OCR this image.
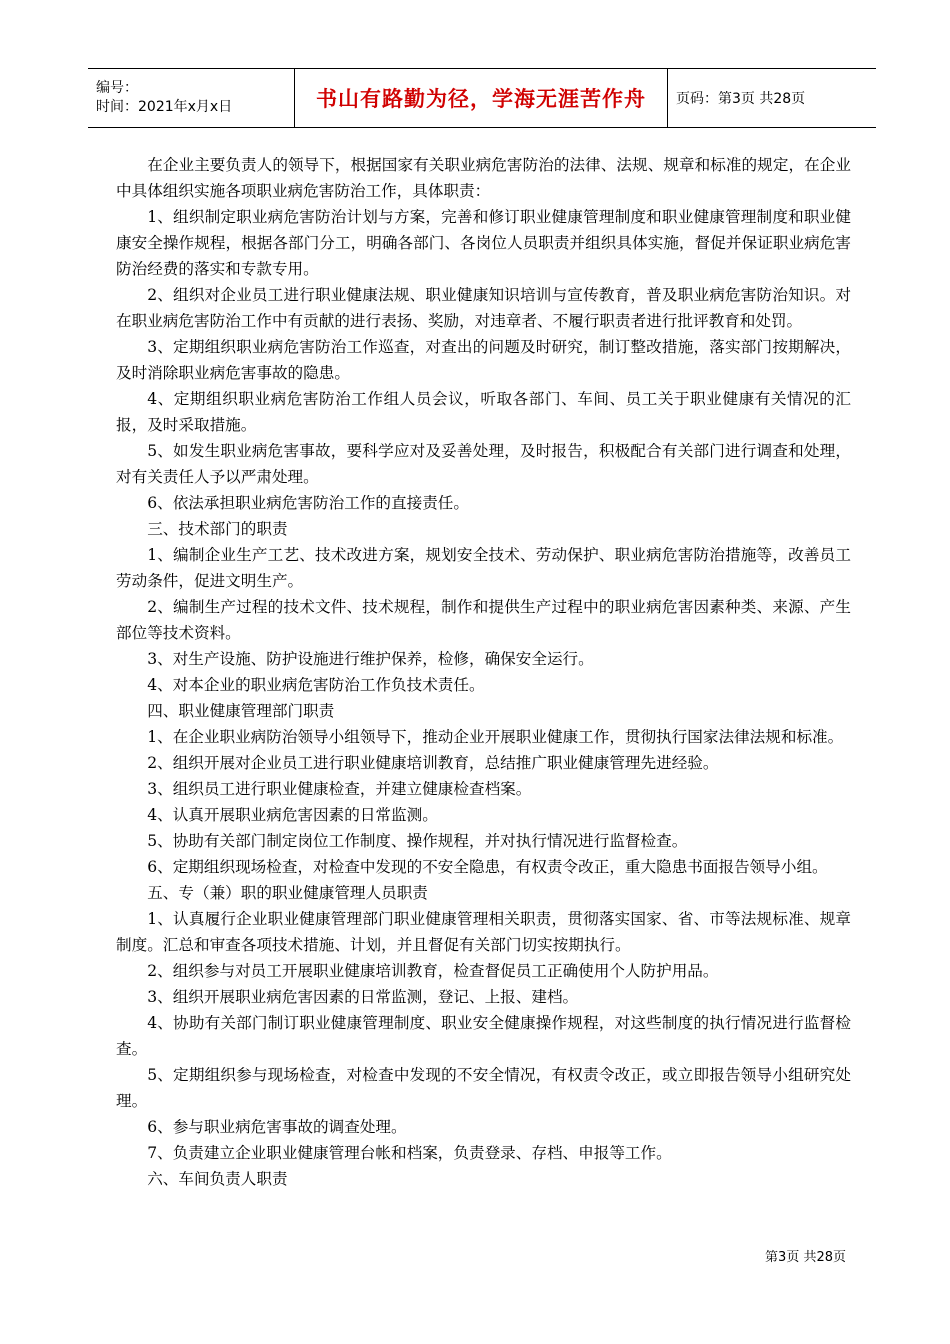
编号：
时间：2021年x月x日	书山有路勤为径，学海无涯苦作舟	页码：第3页 共28页

在企业主要负责人的领导下，根据国家有关职业病危害防治的法律、法规、规章和标准的规定，在企业中具体组织实施各项职业病危害防治工作，具体职责：

1、组织制定职业病危害防治计划与方案，完善和修订职业健康管理制度和职业健康管理制度和职业健康安全操作规程，根据各部门分工，明确各部门、各岗位人员职责并组织具体实施，督促并保证职业病危害防治经费的落实和专款专用。

2、组织对企业员工进行职业健康法规、职业健康知识培训与宣传教育，普及职业病危害防治知识。对在职业病危害防治工作中有贡献的进行表扬、奖励，对违章者、不履行职责者进行批评教育和处罚。

3、定期组织职业病危害防治工作巡查，对查出的问题及时研究，制订整改措施，落实部门按期解决，及时消除职业病危害事故的隐患。

4、定期组织职业病危害防治工作组人员会议，听取各部门、车间、员工关于职业健康有关情况的汇报，及时采取措施。

5、如发生职业病危害事故，要科学应对及妥善处理，及时报告，积极配合有关部门进行调查和处理，对有关责任人予以严肃处理。

6、依法承担职业病危害防治工作的直接责任。

三、技术部门的职责

1、编制企业生产工艺、技术改进方案，规划安全技术、劳动保护、职业病危害防治措施等，改善员工劳动条件，促进文明生产。

2、编制生产过程的技术文件、技术规程，制作和提供生产过程中的职业病危害因素种类、来源、产生部位等技术资料。

3、对生产设施、防护设施进行维护保养，检修，确保安全运行。

4、对本企业的职业病危害防治工作负技术责任。

四、职业健康管理部门职责

1、在企业职业病防治领导小组领导下，推动企业开展职业健康工作，贯彻执行国家法律法规和标准。

2、组织开展对企业员工进行职业健康培训教育，总结推广职业健康管理先进经验。

3、组织员工进行职业健康检查，并建立健康检查档案。

4、认真开展职业病危害因素的日常监测。

5、协助有关部门制定岗位工作制度、操作规程，并对执行情况进行监督检查。

6、定期组织现场检查，对检查中发现的不安全隐患，有权责令改正，重大隐患书面报告领导小组。

五、专（兼）职的职业健康管理人员职责

1、认真履行企业职业健康管理部门职业健康管理相关职责，贯彻落实国家、省、市等法规标准、规章制度。汇总和审查各项技术措施、计划，并且督促有关部门切实按期执行。

2、组织参与对员工开展职业健康培训教育，检查督促员工正确使用个人防护用品。

3、组织开展职业病危害因素的日常监测，登记、上报、建档。

4、协助有关部门制订职业健康管理制度、职业安全健康操作规程，对这些制度的执行情况进行监督检查。

5、定期组织参与现场检查，对检查中发现的不安全情况，有权责令改正，或立即报告领导小组研究处理。

6、参与职业病危害事故的调查处理。

7、负责建立企业职业健康管理台帐和档案，负责登录、存档、申报等工作。

六、车间负责人职责

第3页 共28页
